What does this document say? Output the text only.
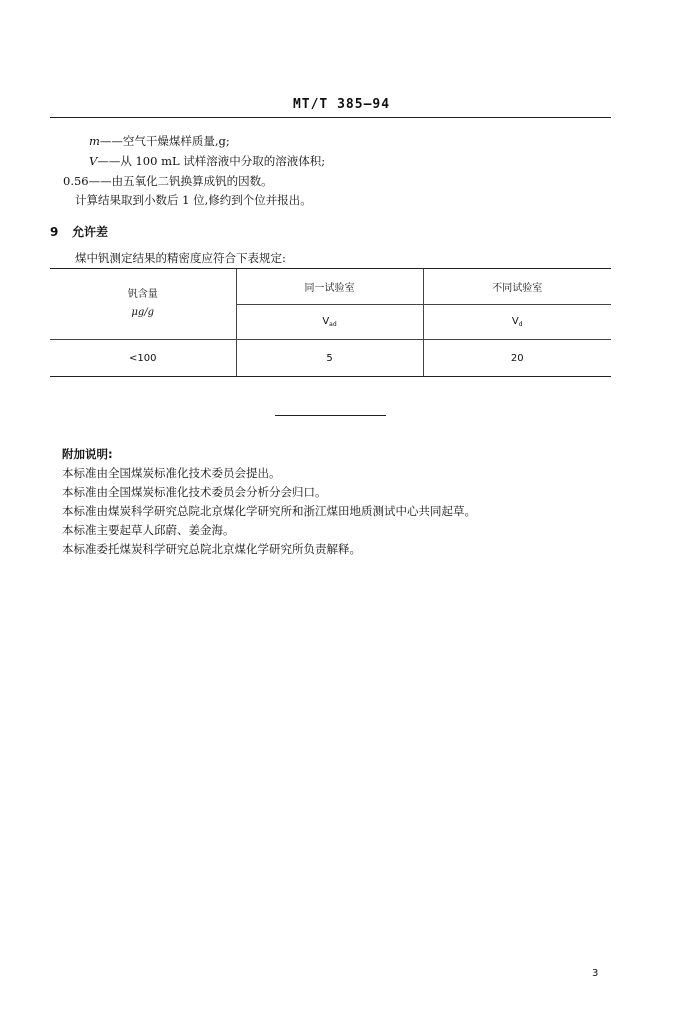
MT/T 385—94
m——空气干燥煤样质量,g;
V——从 100 mL 试样溶液中分取的溶液体积;
0.56——由五氧化二钒换算成钒的因数。
计算结果取到小数后 1 位,修约到个位并报出。
9 允许差
煤中钒测定结果的精密度应符合下表规定:
钒含量
μg/g	同一试验室	不同试验室
	$V_{ad}$	$V_d$
<100	5	20
附加说明:
本标准由全国煤炭标准化技术委员会提出。
本标准由全国煤炭标准化技术委员会分析分会归口。
本标准由煤炭科学研究总院北京煤化学研究所和浙江煤田地质测试中心共同起草。
本标准主要起草人邱蔚、姜金海。
本标准委托煤炭科学研究总院北京煤化学研究所负责解释。
3
